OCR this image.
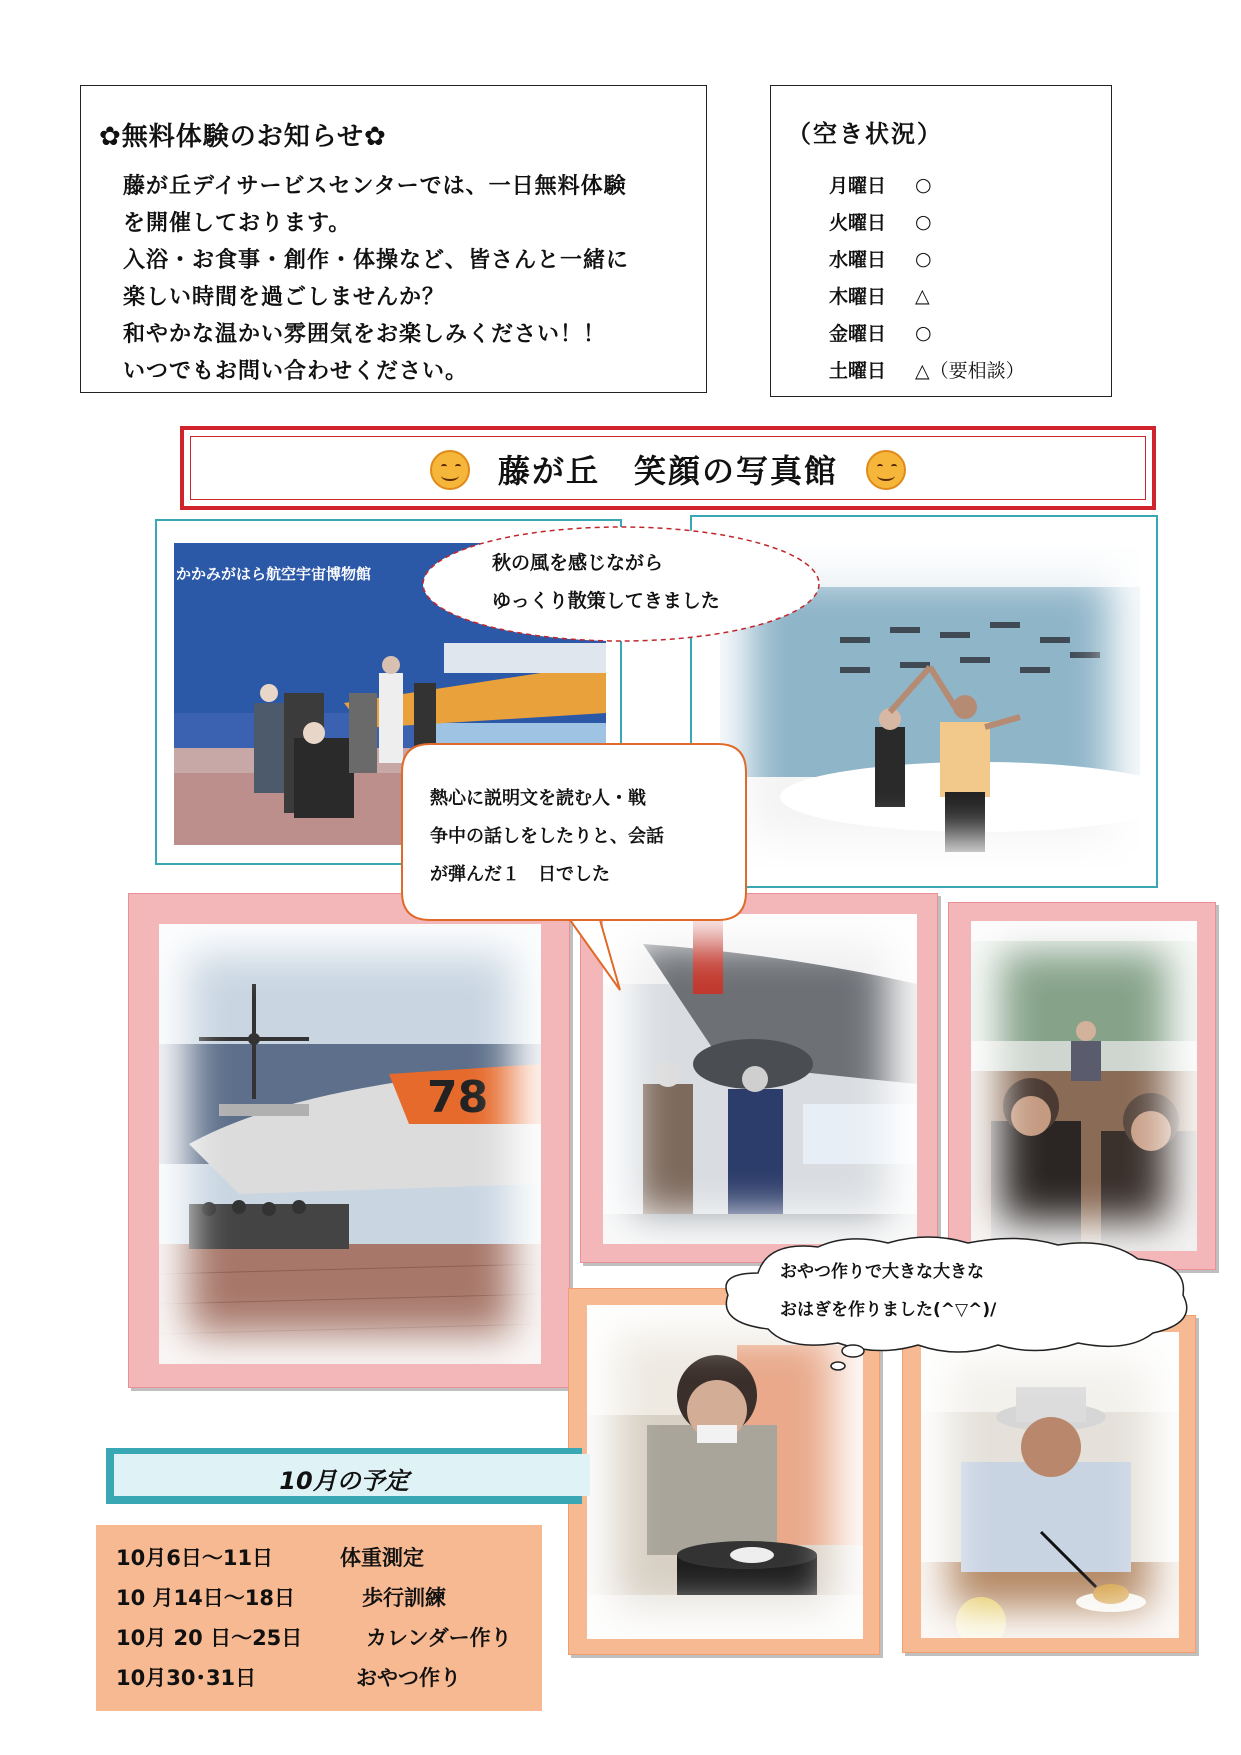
✿無料体験のお知らせ✿
藤が丘デイサービスセンターでは、一日無料体験
を開催しております。
入浴・お食事・創作・体操など、皆さんと一緒に
楽しい時間を過ごしませんか？
和やかな温かい雰囲気をお楽しみください！！
いつでもお問い合わせください。
（空き状況）
月曜日	○
火曜日	○
水曜日	○
木曜日	△
金曜日	○
土曜日	△（要相談）
藤が丘　笑顔の写真館
かかみがはら航空宇宙博物館	秋の風を感じながら
ゆっくり散策してきました
78
熱心に説明文を読む人・戦
争中の話しをしたりと、会話
が弾んだ１　日でした
おやつ作りで大きな大きな
おはぎを作りました(^▽^)/
10月の予定
10月6日～11日	体重測定
10 月14日～18日	歩行訓練
10月 20 日～25日	カレンダー作り
10月30･31日	おやつ作り
